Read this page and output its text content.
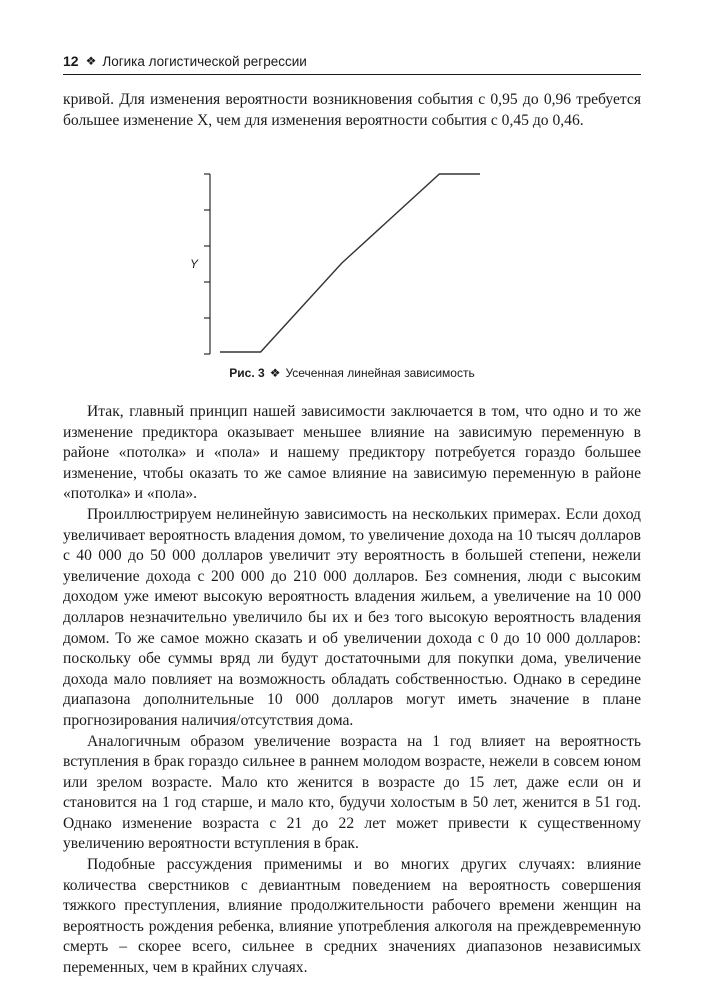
12 ❖ Логика логистической регрессии

кривой. Для изменения вероятности возникновения события с 0,95 до 0,96 требуется большее изменение X, чем для изменения вероятности события с 0,45 до 0,46.

Y
Рис. 3 ❖ Усеченная линейная зависимость

Итак, главный принцип нашей зависимости заключается в том, что одно и то же изменение предиктора оказывает меньшее влияние на зависимую переменную в районе «потолка» и «пола» и нашему предиктору потребуется гораздо большее изменение, чтобы оказать то же самое влияние на зависимую переменную в районе «потолка» и «пола».

Проиллюстрируем нелинейную зависимость на нескольких примерах. Если доход увеличивает вероятность владения домом, то увеличение дохода на 10 тысяч долларов с 40 000 до 50 000 долларов увеличит эту вероятность в большей степени, нежели увеличение дохода с 200 000 до 210 000 долларов. Без сомнения, люди с высоким доходом уже имеют высокую вероятность владения жильем, а увеличение на 10 000 долларов незначительно увеличило бы их и без того высокую вероятность владения домом. То же самое можно сказать и об увеличении дохода с 0 до 10 000 долларов: поскольку обе суммы вряд ли будут достаточными для покупки дома, увеличение дохода мало повлияет на возможность обладать собственностью. Однако в середине диапазона дополнительные 10 000 долларов могут иметь значение в плане прогнозирования наличия/отсутствия дома.

Аналогичным образом увеличение возраста на 1 год влияет на вероятность вступления в брак гораздо сильнее в раннем молодом возрасте, нежели в совсем юном или зрелом возрасте. Мало кто женится в возрасте до 15 лет, даже если он и становится на 1 год старше, и мало кто, будучи холостым в 50 лет, женится в 51 год. Однако изменение возраста с 21 до 22 лет может привести к существенному увеличению вероятности вступления в брак.

Подобные рассуждения применимы и во многих других случаях: влияние количества сверстников с девиантным поведением на вероятность совершения тяжкого преступления, влияние продолжительности рабочего времени женщин на вероятность рождения ребенка, влияние употребления алкоголя на преждевременную смерть – скорее всего, сильнее в средних значениях диапазонов независимых переменных, чем в крайних случаях.
